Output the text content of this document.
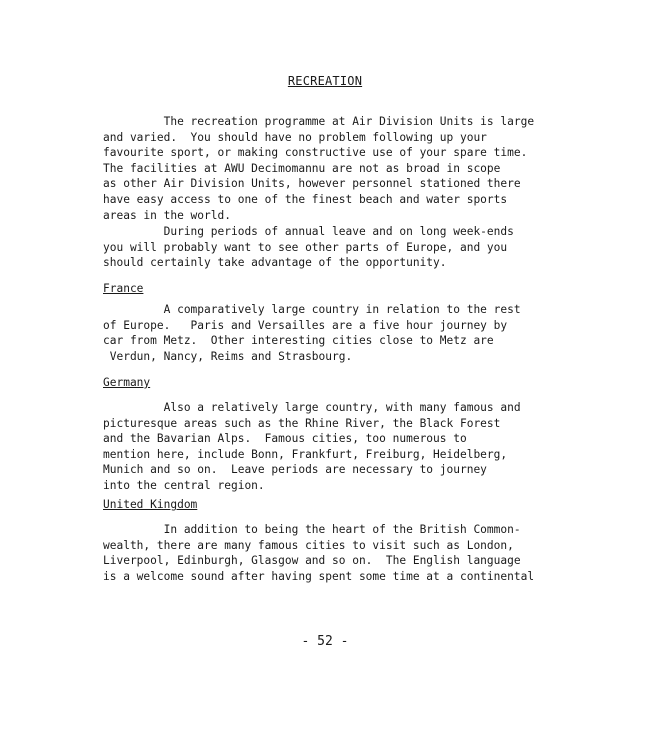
RECREATION
The recreation programme at Air Division Units is large
and varied.  You should have no problem following up your
favourite sport, or making constructive use of your spare time.
The facilities at AWU Decimomannu are not as broad in scope
as other Air Division Units, however personnel stationed there
have easy access to one of the finest beach and water sports
areas in the world.
During periods of annual leave and on long week-ends
you will probably want to see other parts of Europe, and you
should certainly take advantage of the opportunity.
France
A comparatively large country in relation to the rest
of Europe.   Paris and Versailles are a five hour journey by
car from Metz.  Other interesting cities close to Metz are
Verdun, Nancy, Reims and Strasbourg.
Germany
Also a relatively large country, with many famous and
picturesque areas such as the Rhine River, the Black Forest
and the Bavarian Alps.  Famous cities, too numerous to
mention here, include Bonn, Frankfurt, Freiburg, Heidelberg,
Munich and so on.  Leave periods are necessary to journey
into the central region.
United Kingdom
In addition to being the heart of the British Common-
wealth, there are many famous cities to visit such as London,
Liverpool, Edinburgh, Glasgow and so on.  The English language
is a welcome sound after having spent some time at a continental
- 52 -
